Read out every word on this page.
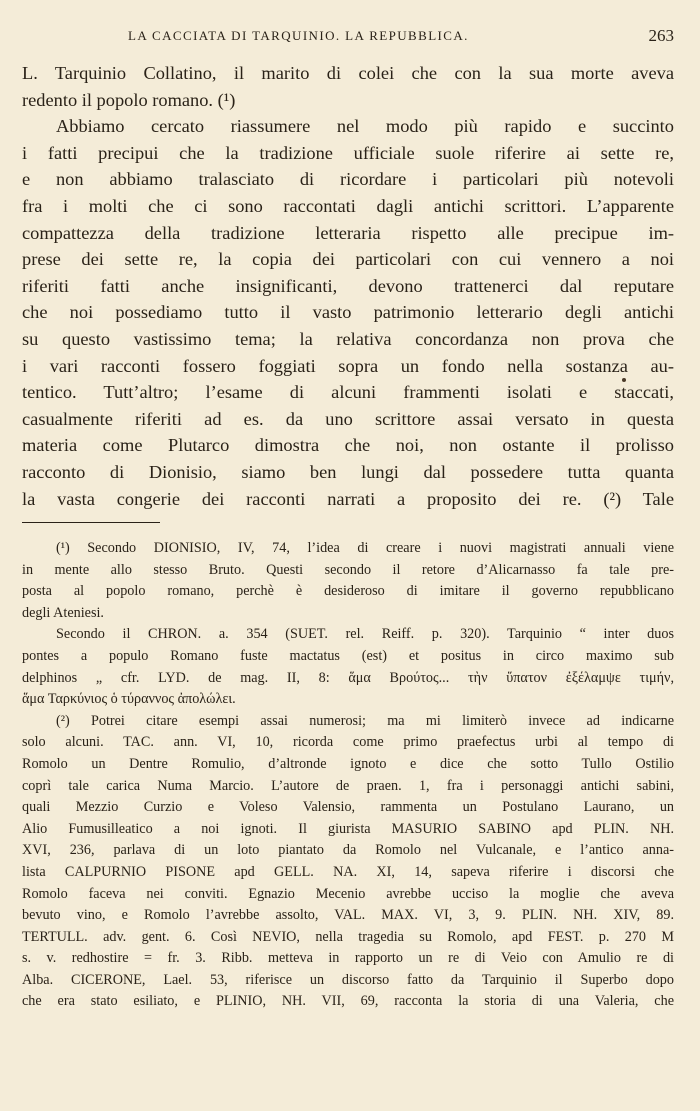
LA CACCIATA DI TARQUINIO. LA REPUBBLICA.	263
L. Tarquinio Collatino, il marito di colei che con la sua morte aveva
redento il popolo romano. (¹)
Abbiamo cercato riassumere nel modo più rapido e succinto
i fatti precipui che la tradizione ufficiale suole riferire ai sette re,
e non abbiamo tralasciato di ricordare i particolari più notevoli
fra i molti che ci sono raccontati dagli antichi scrittori. L’apparente
compattezza della tradizione letteraria rispetto alle precipue im-
prese dei sette re, la copia dei particolari con cui vennero a noi
riferiti fatti anche insignificanti, devono trattenerci dal reputare
che noi possediamo tutto il vasto patrimonio letterario degli antichi
su questo vastissimo tema; la relativa concordanza non prova che
i vari racconti fossero foggiati sopra un fondo nella sostanza au-
tentico. Tutt’altro; l’esame di alcuni frammenti isolati e staccati,
casualmente riferiti ad es. da uno scrittore assai versato in questa
materia come Plutarco dimostra che noi, non ostante il prolisso
racconto di Dionisio, siamo ben lungi dal possedere tutta quanta
la vasta congerie dei racconti narrati a proposito dei re. (²) Tale
(¹) Secondo DIONISIO, IV, 74, l’idea di creare i nuovi magistrati annuali viene
in mente allo stesso Bruto. Questi secondo il retore d’Alicarnasso fa tale pre-
posta al popolo romano, perchè è desideroso di imitare il governo repubblicano
degli Ateniesi.
Secondo il CHRON. a. 354 (SUET. rel. Reiff. p. 320). Tarquinio “ inter duos
pontes a populo Romano fuste mactatus (est) et positus in circo maximo sub
delphinos „ cfr. LYD. de mag. II, 8: ἅμα Βρούτος... τὴν ὕπατον ἐξέλαμψε τιμήν,
ἅμα Ταρκύνιος ὁ τύραννος ἀπολώλει.
(²) Potrei citare esempi assai numerosi; ma mi limiterò invece ad indicarne
solo alcuni. TAC. ann. VI, 10, ricorda come primo praefectus urbi al tempo di
Romolo un Dentre Romulio, d’altronde ignoto e dice che sotto Tullo Ostilio
coprì tale carica Numa Marcio. L’autore de praen. 1, fra i personaggi antichi sabini,
quali Mezzio Curzio e Voleso Valensio, rammenta un Postulano Laurano, un
Alio Fumusilleatico a noi ignoti. Il giurista MASURIO SABINO apd PLIN. NH.
XVI, 236, parlava di un loto piantato da Romolo nel Vulcanale, e l’antico anna-
lista CALPURNIO PISONE apd GELL. NA. XI, 14, sapeva riferire i discorsi che
Romolo faceva nei conviti. Egnazio Mecenio avrebbe ucciso la moglie che aveva
bevuto vino, e Romolo l’avrebbe assolto, VAL. MAX. VI, 3, 9. PLIN. NH. XIV, 89.
TERTULL. adv. gent. 6. Così NEVIO, nella tragedia su Romolo, apd FEST. p. 270 M
s. v. redhostire = fr. 3. Ribb. metteva in rapporto un re di Veio con Amulio re di
Alba. CICERONE, Lael. 53, riferisce un discorso fatto da Tarquinio il Superbo dopo
che era stato esiliato, e PLINIO, NH. VII, 69, racconta la storia di una Valeria, che
